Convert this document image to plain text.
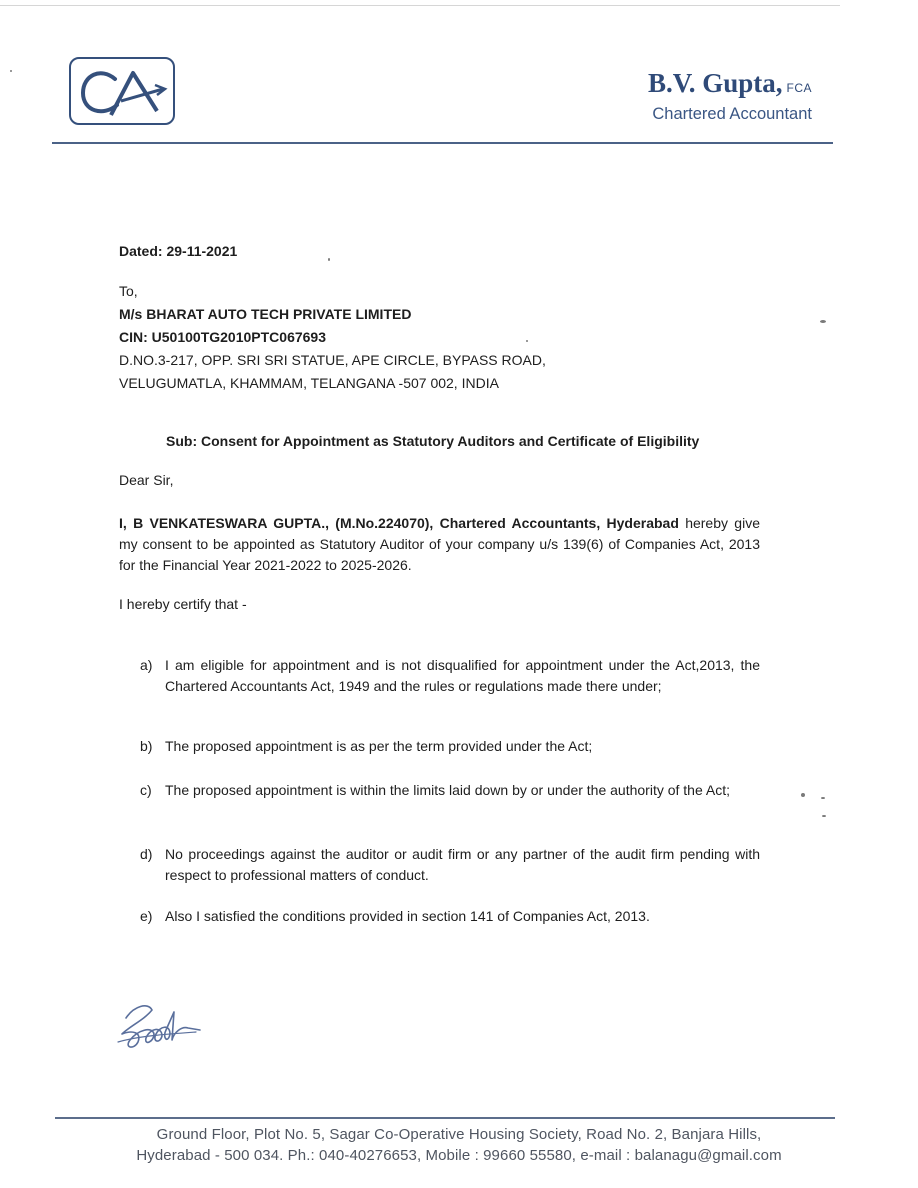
B.V. Gupta, FCA
Chartered Accountant
Dated: 29-11-2021
To,
M/s BHARAT AUTO TECH PRIVATE LIMITED
CIN: U50100TG2010PTC067693
D.NO.3-217, OPP. SRI SRI STATUE, APE CIRCLE, BYPASS ROAD,
VELUGUMATLA, KHAMMAM, TELANGANA -507 002, INDIA
Sub: Consent for Appointment as Statutory Auditors and Certificate of Eligibility
Dear Sir,
I, B VENKATESWARA GUPTA., (M.No.224070), Chartered Accountants, Hyderabad hereby give my consent to be appointed as Statutory Auditor of your company u/s 139(6) of Companies Act, 2013 for the Financial Year 2021-2022 to 2025-2026.
I hereby certify that -
a) I am eligible for appointment and is not disqualified for appointment under the Act,2013, the Chartered Accountants Act, 1949 and the rules or regulations made there under;
b) The proposed appointment is as per the term provided under the Act;
c) The proposed appointment is within the limits laid down by or under the authority of the Act;
d) No proceedings against the auditor or audit firm or any partner of the audit firm pending with respect to professional matters of conduct.
e) Also I satisfied the conditions provided in section 141 of Companies Act, 2013.
Ground Floor, Plot No. 5, Sagar Co-Operative Housing Society, Road No. 2, Banjara Hills,
Hyderabad - 500 034. Ph.: 040-40276653, Mobile : 99660 55580, e-mail : balanagu@gmail.com
